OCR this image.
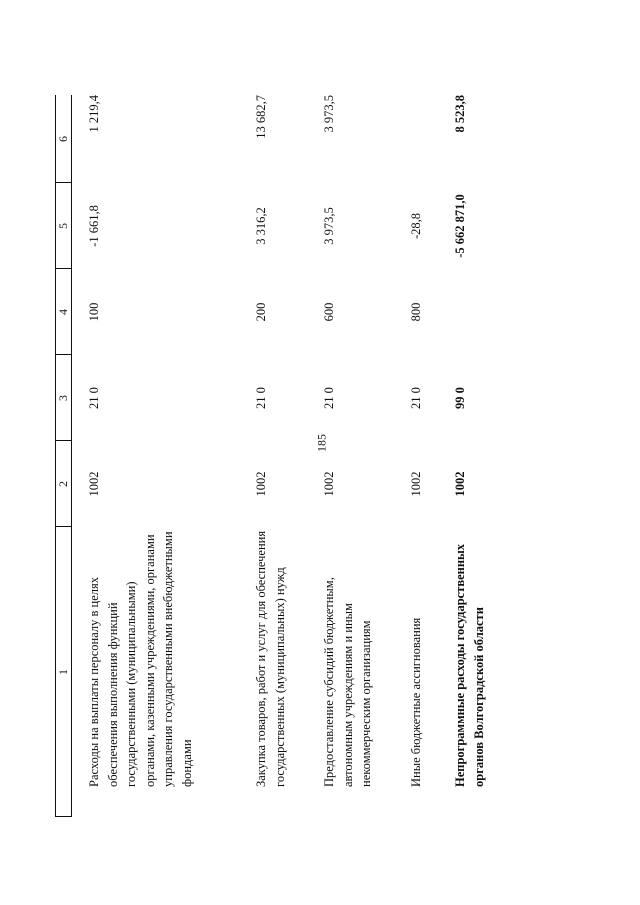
185
1
2
3
4
5
6
Расходы на выплаты персоналу в целях обеспечения выполнения функций государственными (муниципальными) органами, казенными учреждениями, органами управления государственными внебюджетными фондами
1002
21 0
100
-1 661,8
1 219,4
Закупка товаров, работ и услуг для обеспечения государственных (муниципальных) нужд
1002
21 0
200
3 316,2
13 682,7
Предоставление субсидий бюджетным, автономным учреждениям и иным некоммерческим организациям
1002
21 0
600
3 973,5
3 973,5
Иные бюджетные ассигнования
1002
21 0
800
-28,8
Непрограммные расходы государственных органов Волгоградской области
1002
99 0
-5 662 871,0
8 523,8
